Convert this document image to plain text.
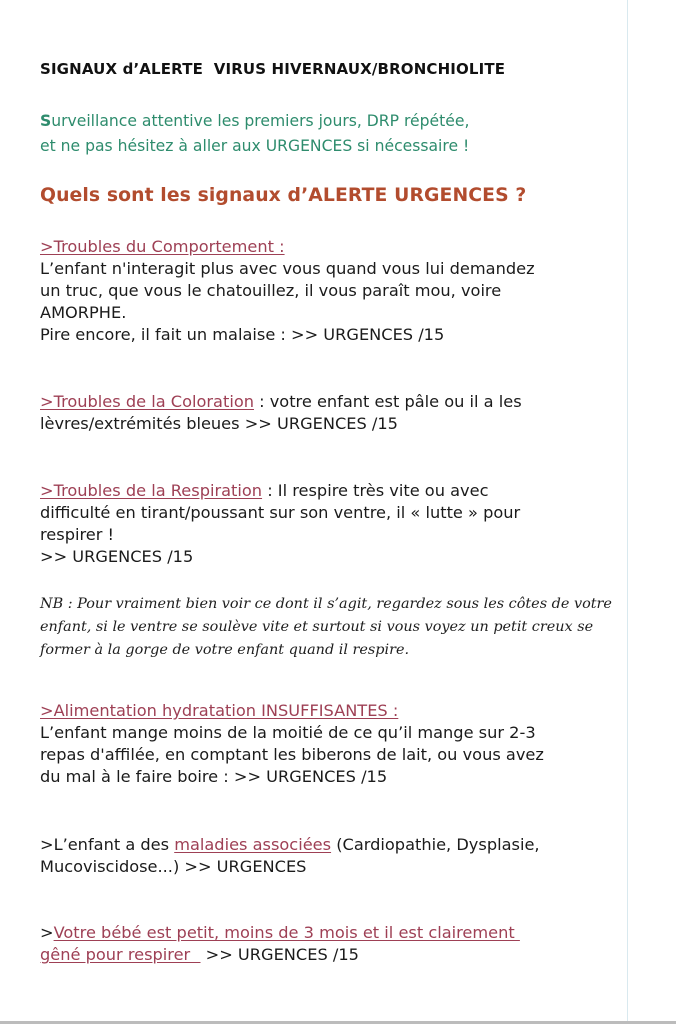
SIGNAUX d’ALERTE  VIRUS HIVERNAUX/BRONCHIOLITE

Surveillance attentive les premiers jours, DRP répétée,
et ne pas hésitez à aller aux URGENCES si nécessaire !

Quels sont les signaux d’ALERTE URGENCES ?
>Troubles du Comportement :
L’enfant n'interagit plus avec vous quand vous lui demandez
un truc, que vous le chatouillez, il vous paraît mou, voire
AMORPHE.
Pire encore, il fait un malaise : >> URGENCES /15
>Troubles de la Coloration : votre enfant est pâle ou il a les
lèvres/extrémités bleues >> URGENCES /15
>Troubles de la Respiration : Il respire très vite ou avec
difficulté en tirant/poussant sur son ventre, il « lutte » pour
respirer !
>> URGENCES /15

NB : Pour vraiment bien voir ce dont il s’agit, regardez sous les côtes de votre
enfant, si le ventre se soulève vite et surtout si vous voyez un petit creux se
former à la gorge de votre enfant quand il respire.

>Alimentation hydratation INSUFFISANTES :
L’enfant mange moins de la moitié de ce qu’il mange sur 2-3
repas d'affilée, en comptant les biberons de lait, ou vous avez
du mal à le faire boire : >> URGENCES /15
>L’enfant a des maladies associées (Cardiopathie, Dysplasie,
Mucoviscidose...) >> URGENCES
>Votre bébé est petit, moins de 3 mois et il est clairement
gêné pour respirer   >> URGENCES /15
